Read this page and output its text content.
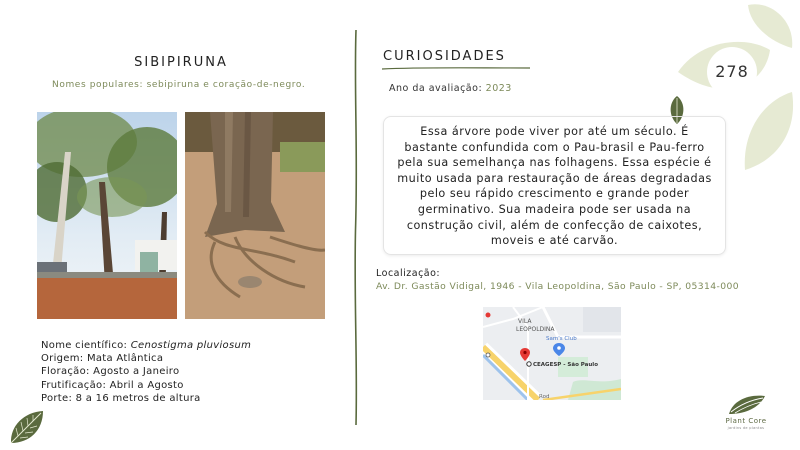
278
SIBIPIRUNA
Nomes populares: sebipiruna e coração-de-negro.
Nome científico: Cenostigma pluviosum
Origem: Mata Atlântica
Floração: Agosto a Janeiro
Frutificação: Abril a Agosto
Porte: 8 a 16 metros de altura
CURIOSIDADES
Ano da avaliação: 2023
Essa árvore pode viver por até um século. É bastante confundida com o Pau-brasil e Pau-ferro pela sua semelhança nas folhagens. Essa espécie é muito usada para restauração de áreas degradadas pelo seu rápido crescimento e grande poder germinativo. Sua madeira pode ser usada na construção civil, além de confecção de caixotes, moveis e até carvão.
Localização:
Av. Dr. Gastão Vidigal, 1946 - Vila Leopoldina, São Paulo - SP, 05314-000
VILA
LEOPOLDINA
Sam's Club
CEAGESP - São Paulo
Rod
Plant Core
jardins de plantas
